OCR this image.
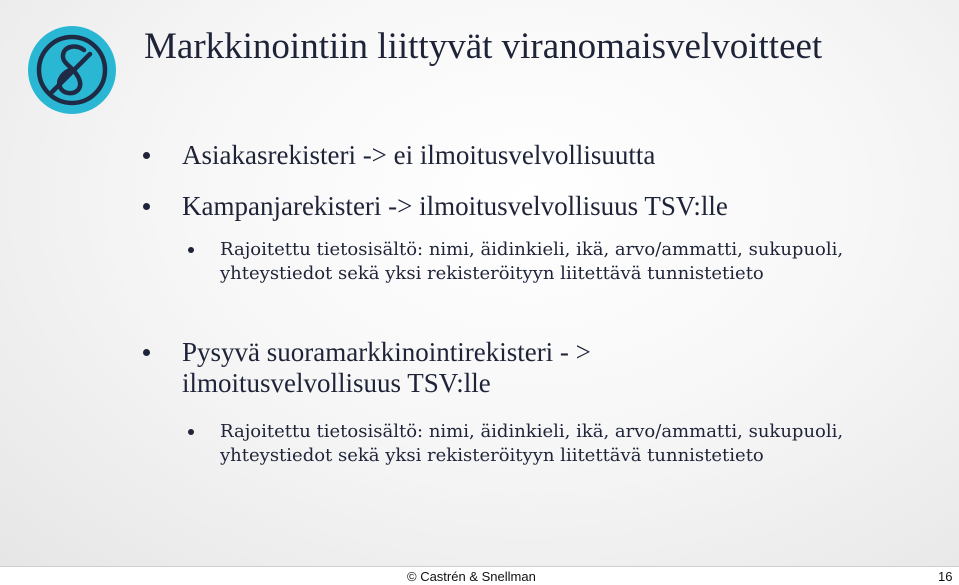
Markkinointiin liittyvät viranomaisvelvoitteet
Asiakasrekisteri -> ei ilmoitusvelvollisuutta
Kampanjarekisteri -> ilmoitusvelvollisuus TSV:lle
Rajoitettu tietosisältö: nimi, äidinkieli, ikä, arvo/ammatti, sukupuoli, yhteystiedot sekä yksi rekisteröityyn liitettävä tunnistetieto
Pysyvä suoramarkkinointirekisteri - > ilmoitusvelvollisuus TSV:lle
Rajoitettu tietosisältö: nimi, äidinkieli, ikä, arvo/ammatti, sukupuoli, yhteystiedot sekä yksi rekisteröityyn liitettävä tunnistetieto
© Castrén & Snellman	16
